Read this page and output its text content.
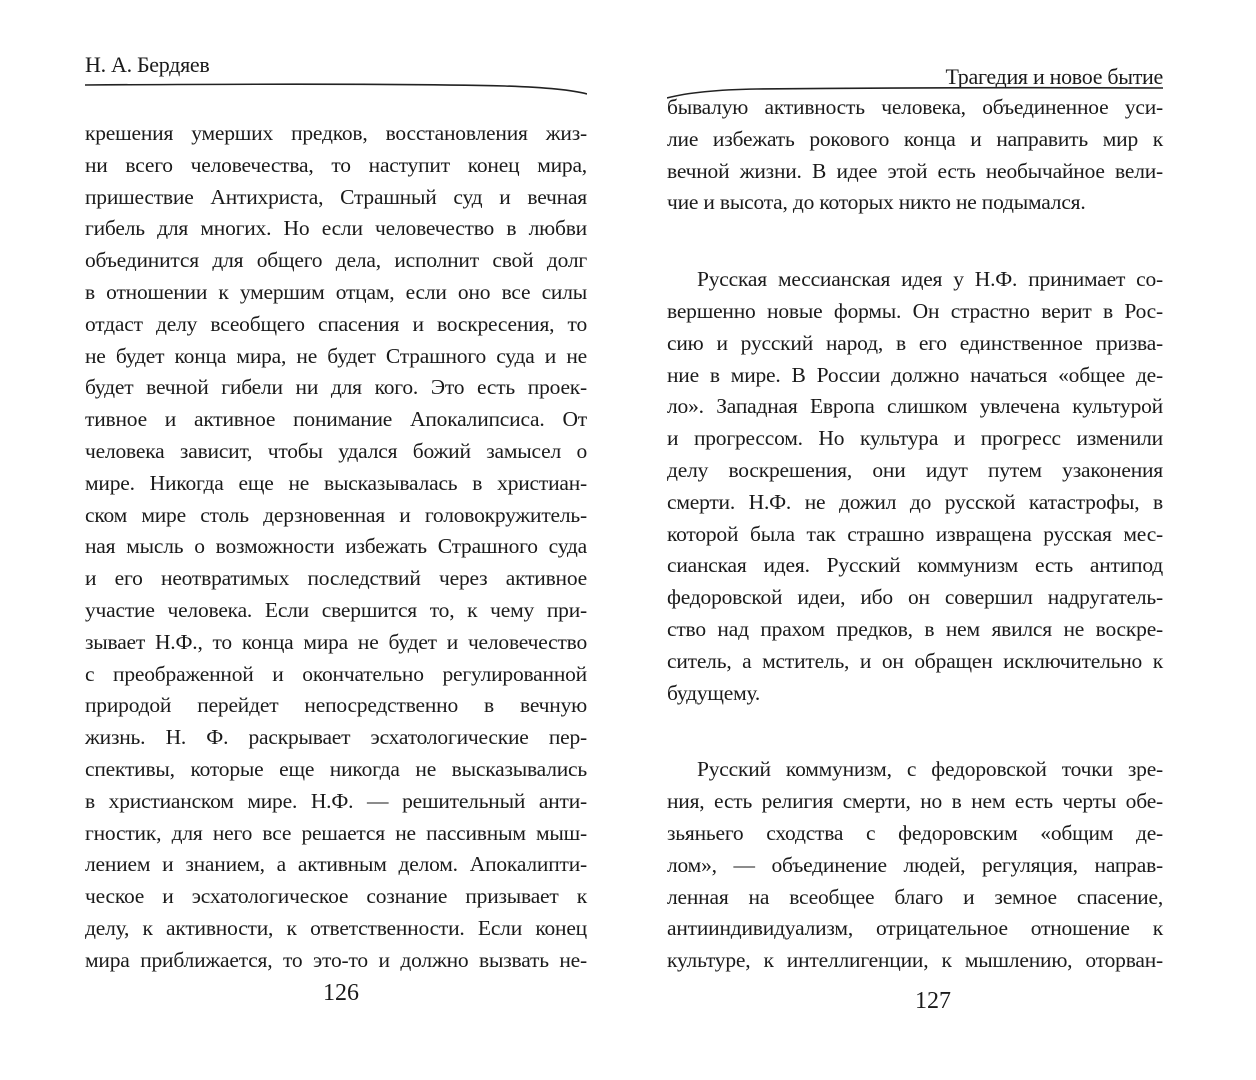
Н. А. Бердяев
крешения умерших предков, восстановления жиз-
ни всего человечества, то наступит конец мира,
пришествие Антихриста, Страшный суд и вечная
гибель для многих. Но если человечество в любви
объединится для общего дела, исполнит свой долг
в отношении к умершим отцам, если оно все силы
отдаст делу всеобщего спасения и воскресения, то
не будет конца мира, не будет Страшного суда и не
будет вечной гибели ни для кого. Это есть проек-
тивное и активное понимание Апокалипсиса. От
человека зависит, чтобы удался божий замысел о
мире. Никогда еще не высказывалась в христиан-
ском мире столь дерзновенная и головокружитель-
ная мысль о возможности избежать Страшного суда
и его неотвратимых последствий через активное
участие человека. Если свершится то, к чему при-
зывает Н.Ф., то конца мира не будет и человечество
с преображенной и окончательно регулированной
природой перейдет непосредственно в вечную
жизнь. Н. Ф. раскрывает эсхатологические пер-
спективы, которые еще никогда не высказывались
в христианском мире. Н.Ф. — решительный анти-
гностик, для него все решается не пассивным мыш-
лением и знанием, а активным делом. Апокалипти-
ческое и эсхатологическое сознание призывает к
делу, к активности, к ответственности. Если конец
мира приближается, то это-то и должно вызвать не-
126
Трагедия и новое бытие
бывалую активность человека, объединенное уси-
лие избежать рокового конца и направить мир к
вечной жизни. В идее этой есть необычайное вели-
чие и высота, до которых никто не подымался.
Русская мессианская идея у Н.Ф. принимает со-
вершенно новые формы. Он страстно верит в Рос-
сию и русский народ, в его единственное призва-
ние в мире. В России должно начаться «общее де-
ло». Западная Европа слишком увлечена культурой
и прогрессом. Но культура и прогресс изменили
делу воскрешения, они идут путем узаконения
смерти. Н.Ф. не дожил до русской катастрофы, в
которой была так страшно извращена русская мес-
сианская идея. Русский коммунизм есть антипод
федоровской идеи, ибо он совершил надругатель-
ство над прахом предков, в нем явился не воскре-
ситель, а мститель, и он обращен исключительно к
будущему.
Русский коммунизм, с федоровской точки зре-
ния, есть религия смерти, но в нем есть черты обе-
зьяньего сходства с федоровским «общим де-
лом», — объединение людей, регуляция, направ-
ленная на всеобщее благо и земное спасение,
антииндивидуализм, отрицательное отношение к
культуре, к интеллигенции, к мышлению, оторван-
127
